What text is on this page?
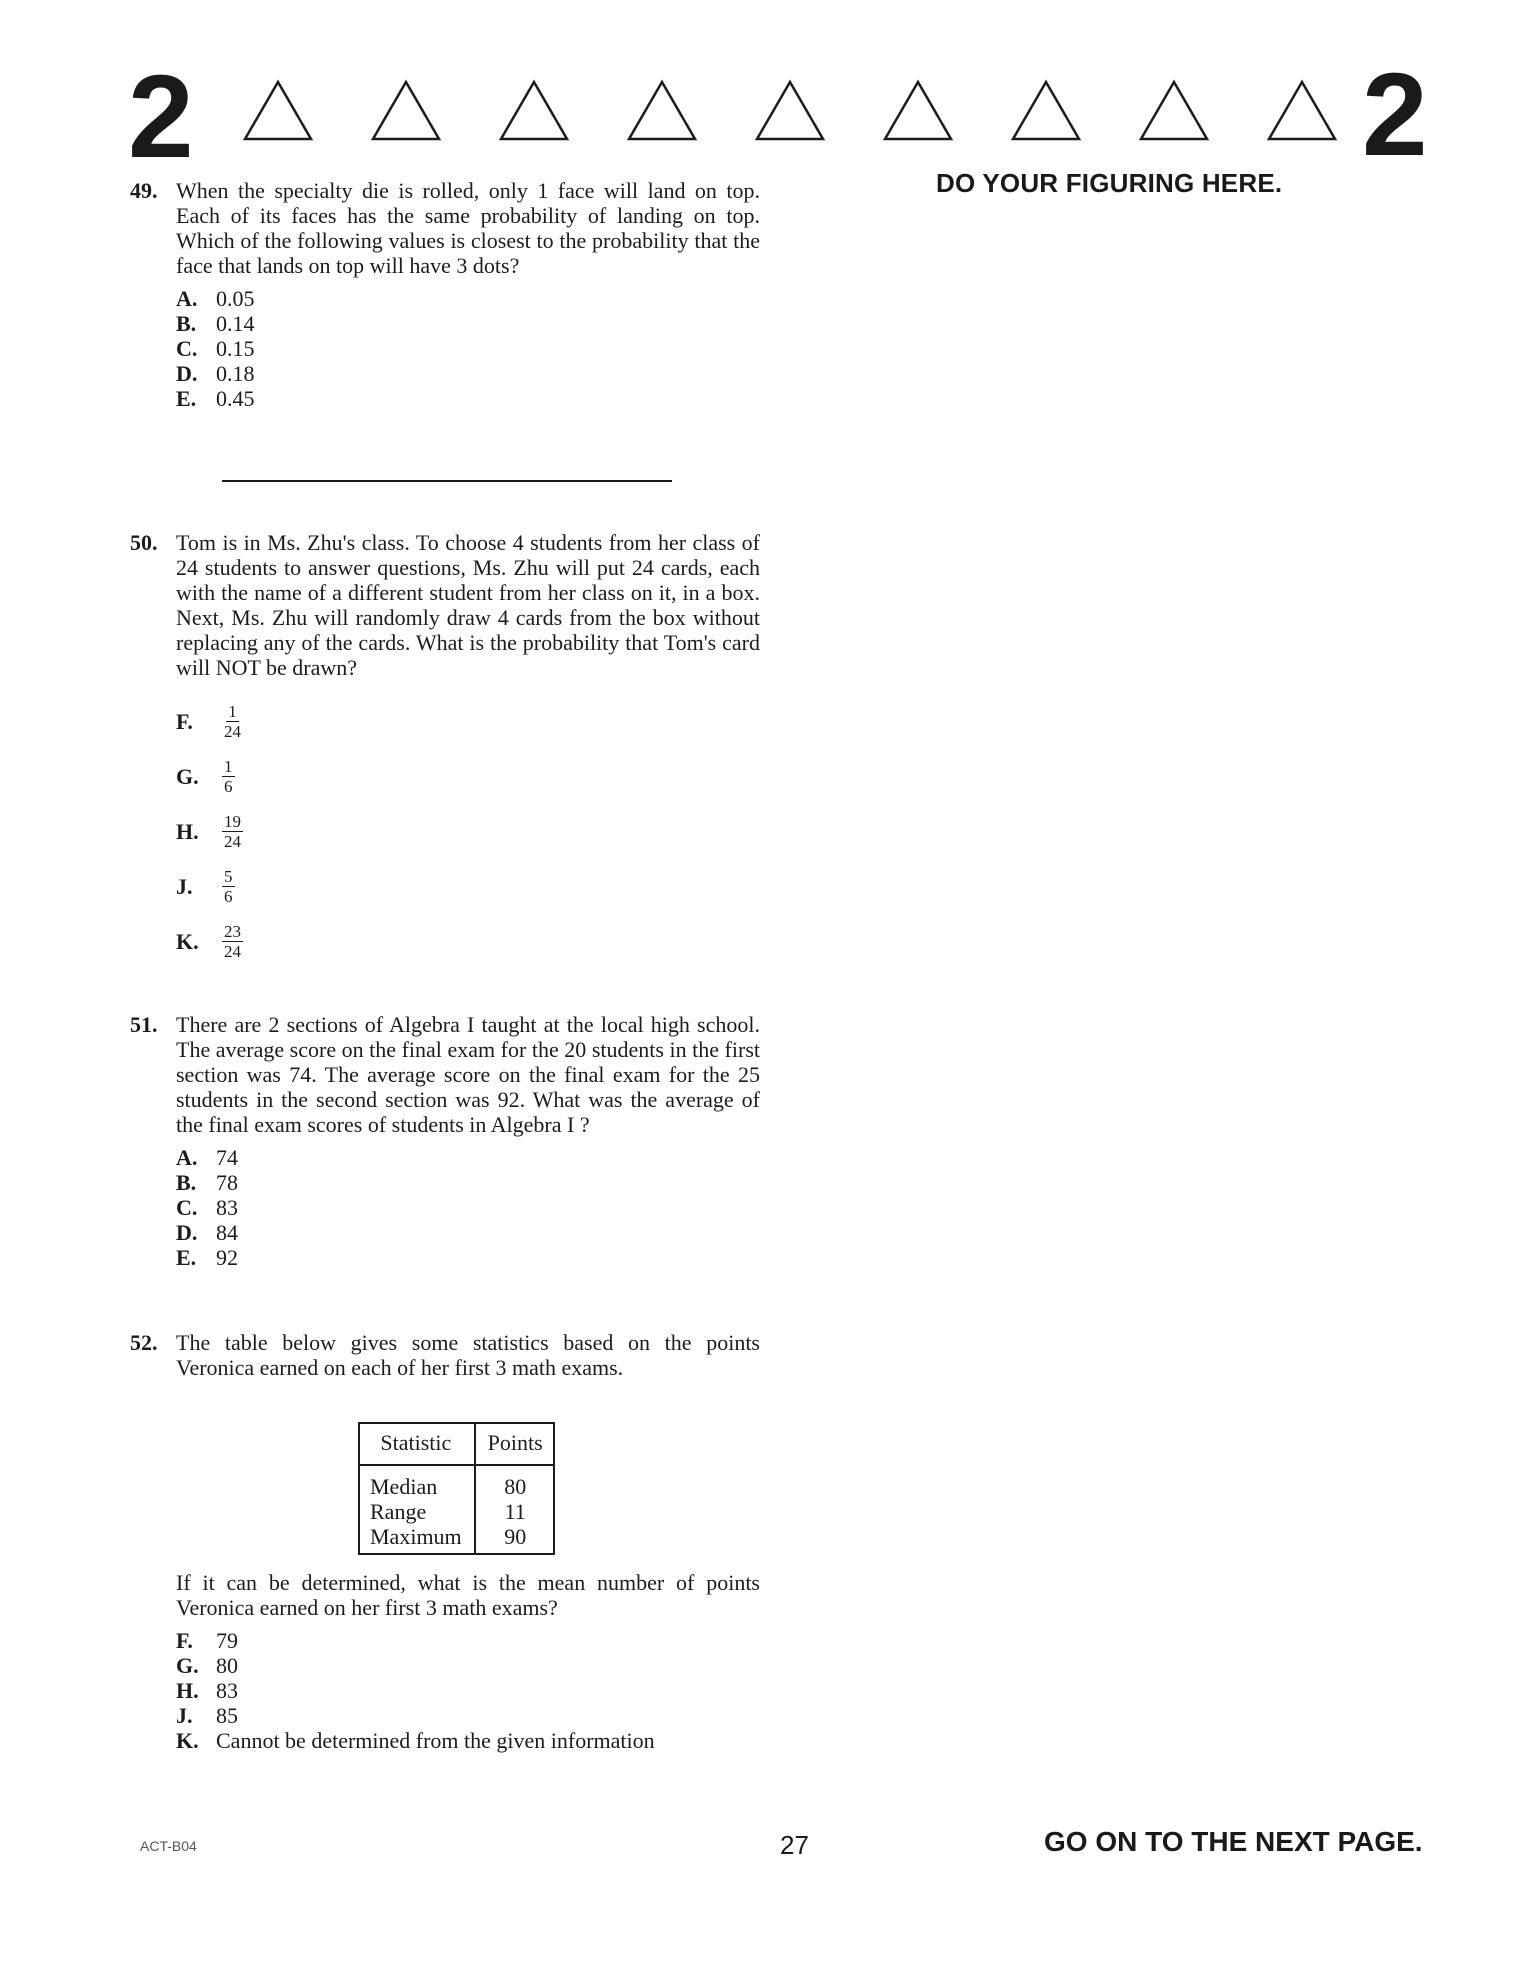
2	2
DO YOUR FIGURING HERE.
49. When the specialty die is rolled, only 1 face will land on top. Each of its faces has the same probability of landing on top. Which of the following values is closest to the probability that the face that lands on top will have 3 dots?
A. 0.05
B. 0.14
C. 0.15
D. 0.18
E. 0.45
50. Tom is in Ms. Zhu's class. To choose 4 students from her class of 24 students to answer questions, Ms. Zhu will put 24 cards, each with the name of a different student from her class on it, in a box. Next, Ms. Zhu will randomly draw 4 cards from the box without replacing any of the cards. What is the probability that Tom's card will NOT be drawn?
F.	$\frac{1}{24}$
G.	$\frac{1}{6}$
H.	$\frac{19}{24}$
J.	$\frac{5}{6}$
K.	$\frac{23}{24}$
51. There are 2 sections of Algebra I taught at the local high school. The average score on the final exam for the 20 students in the first section was 74. The average score on the final exam for the 25 students in the second section was 92. What was the average of the final exam scores of students in Algebra I ?
A. 74
B. 78
C. 83
D. 84
E. 92
52. The table below gives some statistics based on the points Veronica earned on each of her first 3 math exams.
Statistic	Points
Median	80
Range	11
Maximum	90
If it can be determined, what is the mean number of points Veronica earned on her first 3 math exams?
F.	79
G. 80
H. 83
J.	85
K. Cannot be determined from the given information
ACT-B04	27	GO ON TO THE NEXT PAGE.
